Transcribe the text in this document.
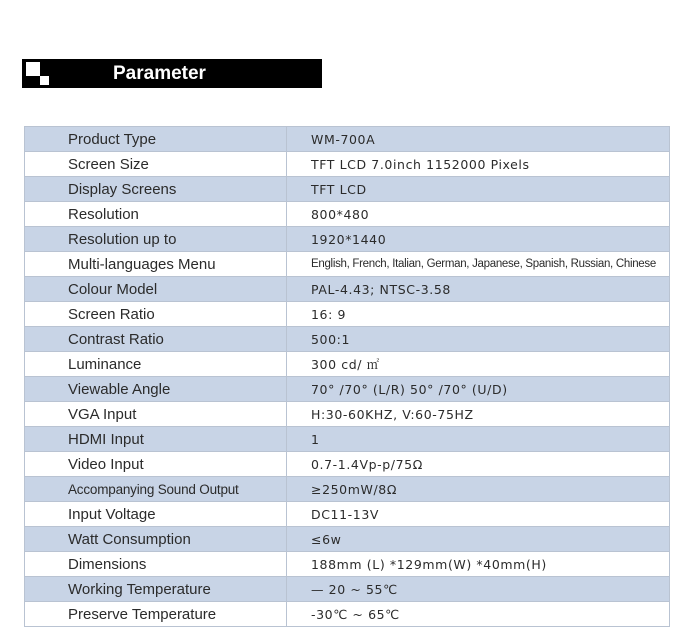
Parameter
Product Type	WM-700A
Screen Size	TFT LCD 7.0inch 1152000 Pixels
Display Screens	TFT LCD
Resolution	800*480
Resolution up to	1920*1440
Multi-languages Menu	English, French, Italian, German, Japanese, Spanish, Russian, Chinese
Colour Model	PAL-4.43; NTSC-3.58
Screen Ratio	16: 9
Contrast Ratio	500:1
Luminance	300 cd/ ㎡
Viewable Angle	70° /70° (L/R) 50° /70° (U/D)
VGA Input	H:30-60KHZ, V:60-75HZ
HDMI Input	1
Video Input	0.7-1.4Vp-p/75Ω
Accompanying Sound Output	≥250mW/8Ω
Input Voltage	DC11-13V
Watt Consumption	≤6w
Dimensions	188mm (L) *129mm(W) *40mm(H)
Working Temperature	— 20 ~ 55℃
Preserve Temperature	-30℃ ~ 65℃
